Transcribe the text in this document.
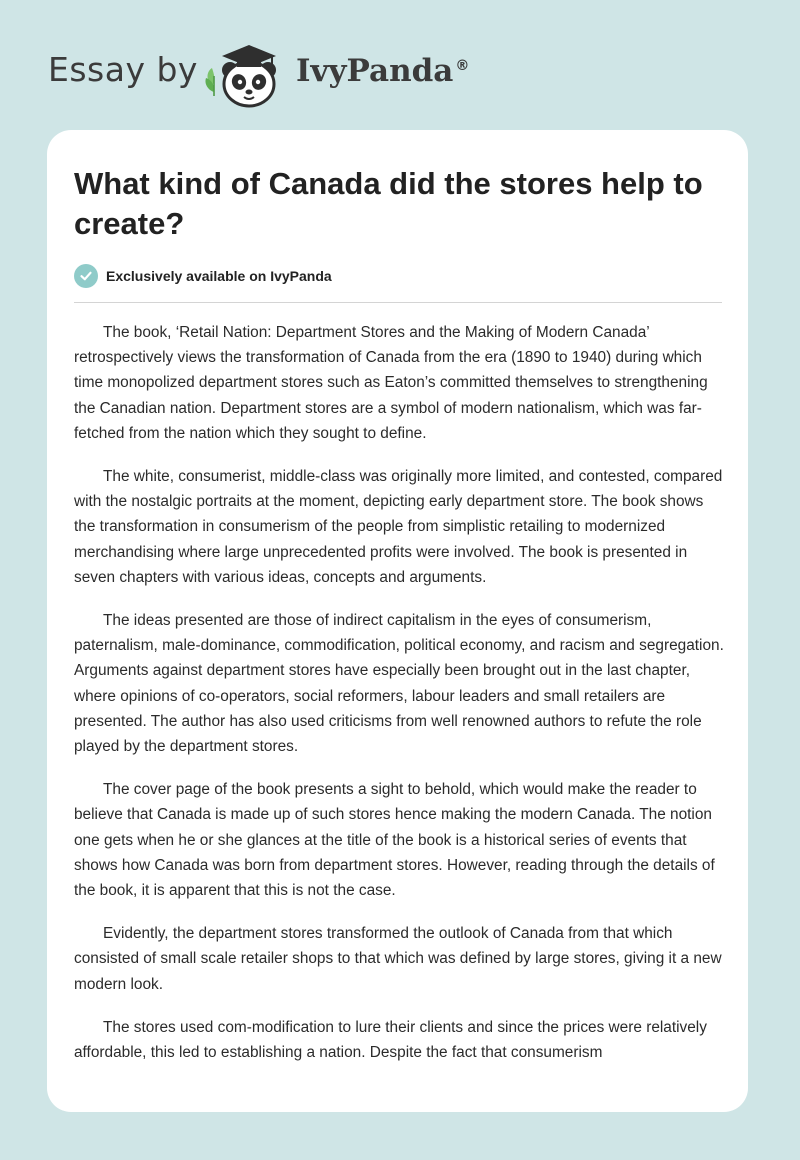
Essay by	IvyPanda ®
What kind of Canada did the stores help to create?
Exclusively available on IvyPanda

The book, ‘Retail Nation: Department Stores and the Making of Modern Canada’ retrospectively views the transformation of Canada from the era (1890 to 1940) during which time monopolized department stores such as Eaton’s committed themselves to strengthening the Canadian nation. Department stores are a symbol of modern nationalism, which was far-fetched from the nation which they sought to define.

The white, consumerist, middle-class was originally more limited, and contested, compared with the nostalgic portraits at the moment, depicting early department store. The book shows the transformation in consumerism of the people from simplistic retailing to modernized merchandising where large unprecedented profits were involved. The book is presented in seven chapters with various ideas, concepts and arguments.

The ideas presented are those of indirect capitalism in the eyes of consumerism, paternalism, male-dominance, commodification, political economy, and racism and segregation. Arguments against department stores have especially been brought out in the last chapter, where opinions of co-operators, social reformers, labour leaders and small retailers are presented. The author has also used criticisms from well renowned authors to refute the role played by the department stores.

The cover page of the book presents a sight to behold, which would make the reader to believe that Canada is made up of such stores hence making the modern Canada. The notion one gets when he or she glances at the title of the book is a historical series of events that shows how Canada was born from department stores. However, reading through the details of the book, it is apparent that this is not the case.

Evidently, the department stores transformed the outlook of Canada from that which consisted of small scale retailer shops to that which was defined by large stores, giving it a new modern look.

The stores used com-modification to lure their clients and since the prices were relatively affordable, this led to establishing a nation. Despite the fact that consumerism
